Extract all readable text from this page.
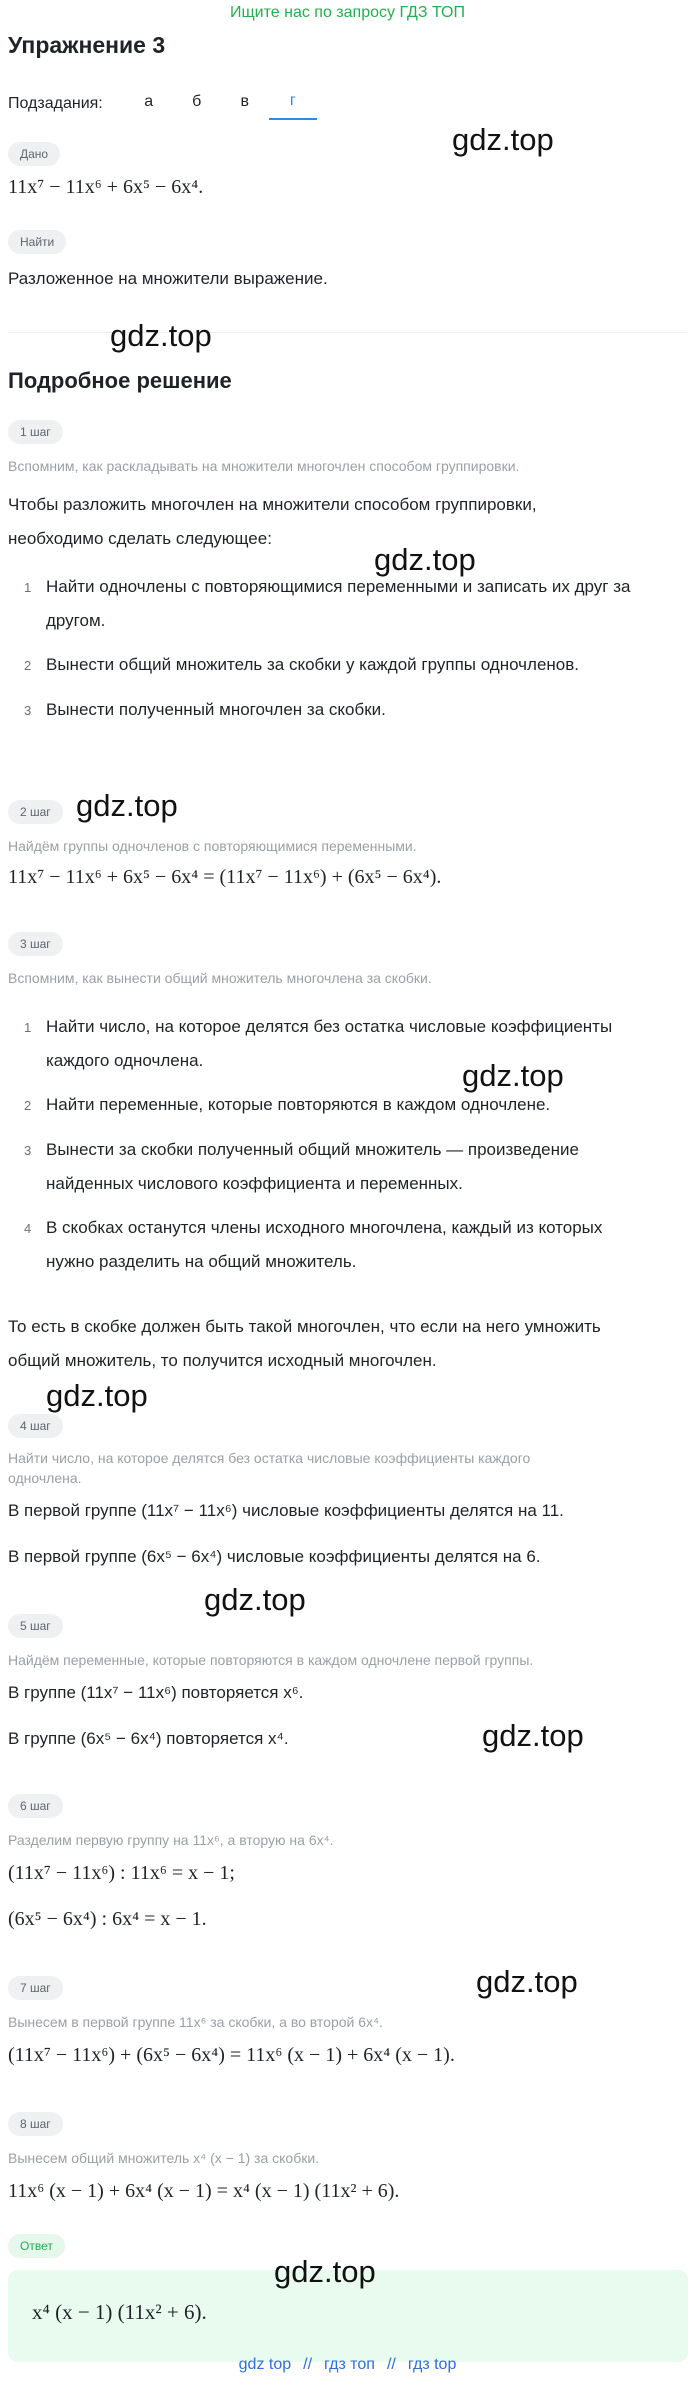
Ищите нас по запросу ГДЗ ТОП
Упражнение 3
Подзадания:	а	б	в	г
Дано
11x⁷ − 11x⁶ + 6x⁵ − 6x⁴.
Найти
Разложенное на множители выражение.
Подробное решение
1 шаг
Вспомним, как раскладывать на множители многочлен способом группировки.
Чтобы разложить многочлен на множители способом группировки,
необходимо сделать следующее:
1 Найти одночлены с повторяющимися переменными и записать их друг за
другом.
2 Вынести общий множитель за скобки у каждой группы одночленов.
3 Вынести полученный многочлен за скобки.
2 шаг
Найдём группы одночленов с повторяющимися переменными.
11x⁷ − 11x⁶ + 6x⁵ − 6x⁴ = (11x⁷ − 11x⁶) + (6x⁵ − 6x⁴).
3 шаг
Вспомним, как вынести общий множитель многочлена за скобки.
1 Найти число, на которое делятся без остатка числовые коэффициенты
каждого одночлена.
2 Найти переменные, которые повторяются в каждом одночлене.
3 Вынести за скобки полученный общий множитель — произведение
найденных числового коэффициента и переменных.
4 В скобках останутся члены исходного многочлена, каждый из которых
нужно разделить на общий множитель.
То есть в скобке должен быть такой многочлен, что если на него умножить
общий множитель, то получится исходный многочлен.
4 шаг
Найти число, на которое делятся без остатка числовые коэффициенты каждого
одночлена.
В первой группе (11x⁷ − 11x⁶) числовые коэффициенты делятся на 11.
В первой группе (6x⁵ − 6x⁴) числовые коэффициенты делятся на 6.
5 шаг
Найдём переменные, которые повторяются в каждом одночлене первой группы.
В группе (11x⁷ − 11x⁶) повторяется x⁶.
В группе (6x⁵ − 6x⁴) повторяется x⁴.
6 шаг
Разделим первую группу на 11x⁶, а вторую на 6x⁴.
(11x⁷ − 11x⁶) : 11x⁶ = x − 1;
(6x⁵ − 6x⁴) : 6x⁴ = x − 1.
7 шаг
Вынесем в первой группе 11x⁶ за скобки, а во второй 6x⁴.
(11x⁷ − 11x⁶) + (6x⁵ − 6x⁴) = 11x⁶ (x − 1) + 6x⁴ (x − 1).
8 шаг
Вынесем общий множитель x⁴ (x − 1) за скобки.
11x⁶ (x − 1) + 6x⁴ (x − 1) = x⁴ (x − 1) (11x² + 6).
Ответ
x⁴ (x − 1) (11x² + 6).
gdz.top
gdz.top
gdz.top
gdz.top
gdz.top
gdz.top
gdz.top
gdz.top
gdz.top
gdz.top
gdz top // гдз топ // гдз top
